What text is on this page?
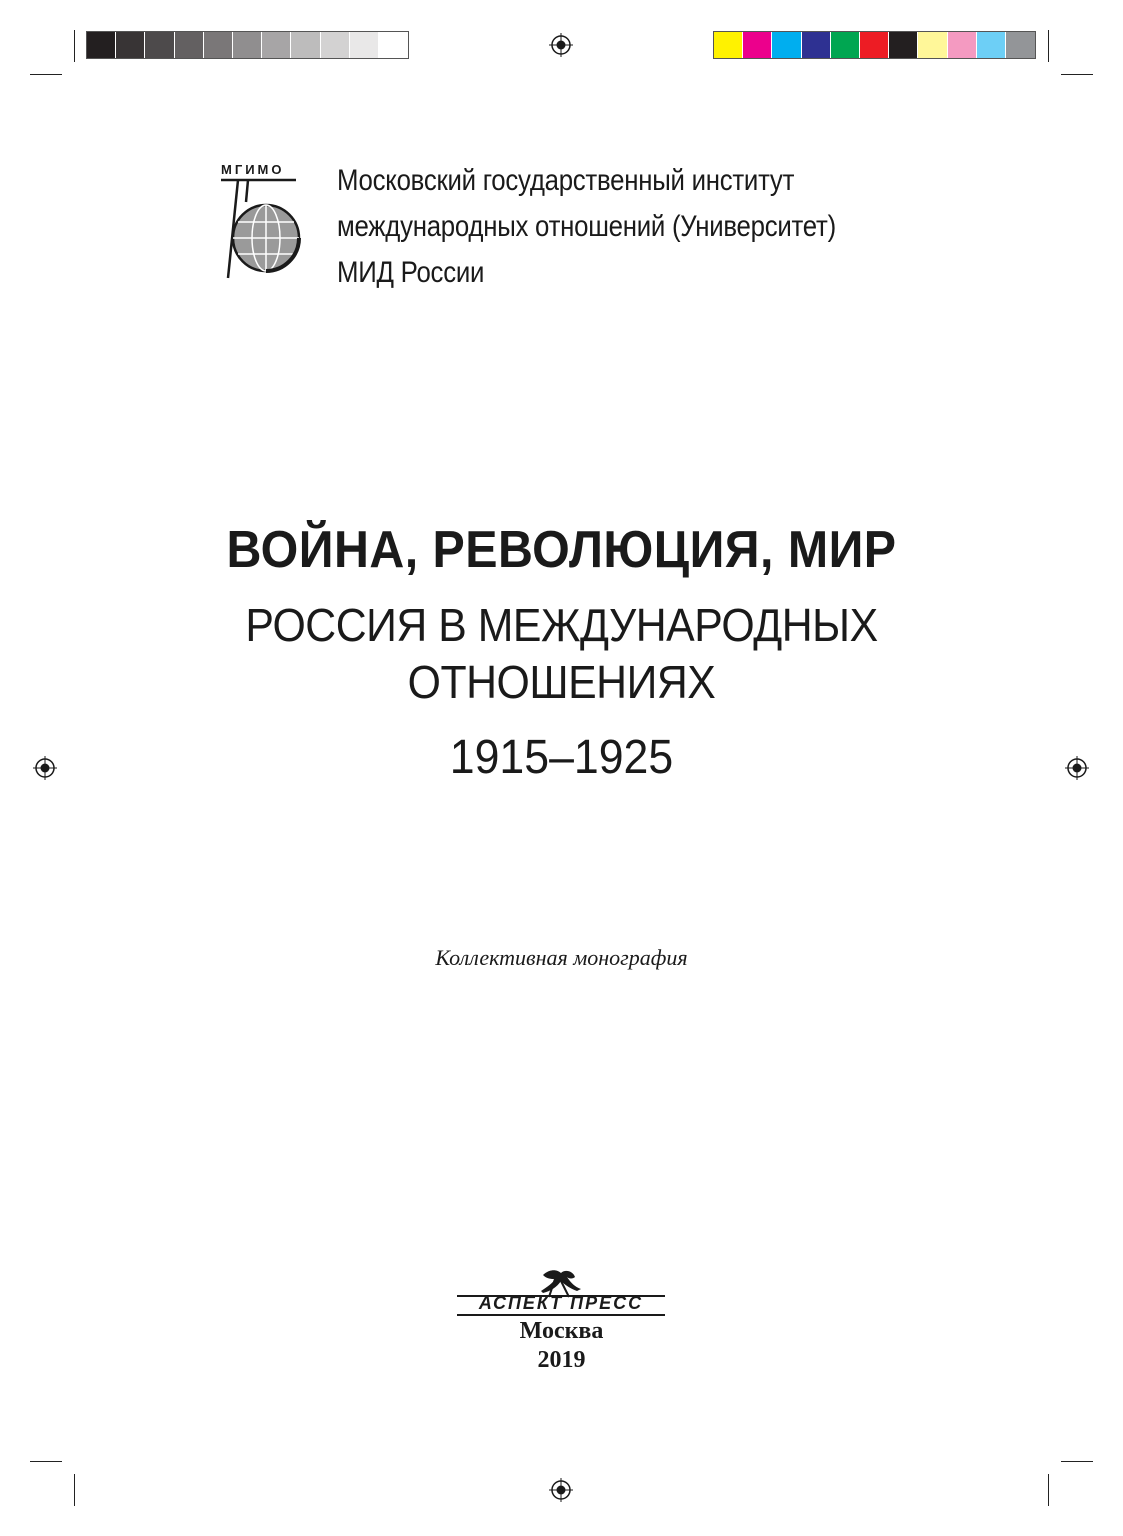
МГИМО Московский государственный институт
международных отношений (Университет)
МИД России
ВОЙНА, РЕВОЛЮЦИЯ, МИР
РОССИЯ В МЕЖДУНАРОДНЫХ
ОТНОШЕНИЯХ
1915–1925
Коллективная монография
АСПЕКТ ПРЕСС
Москва
2019
